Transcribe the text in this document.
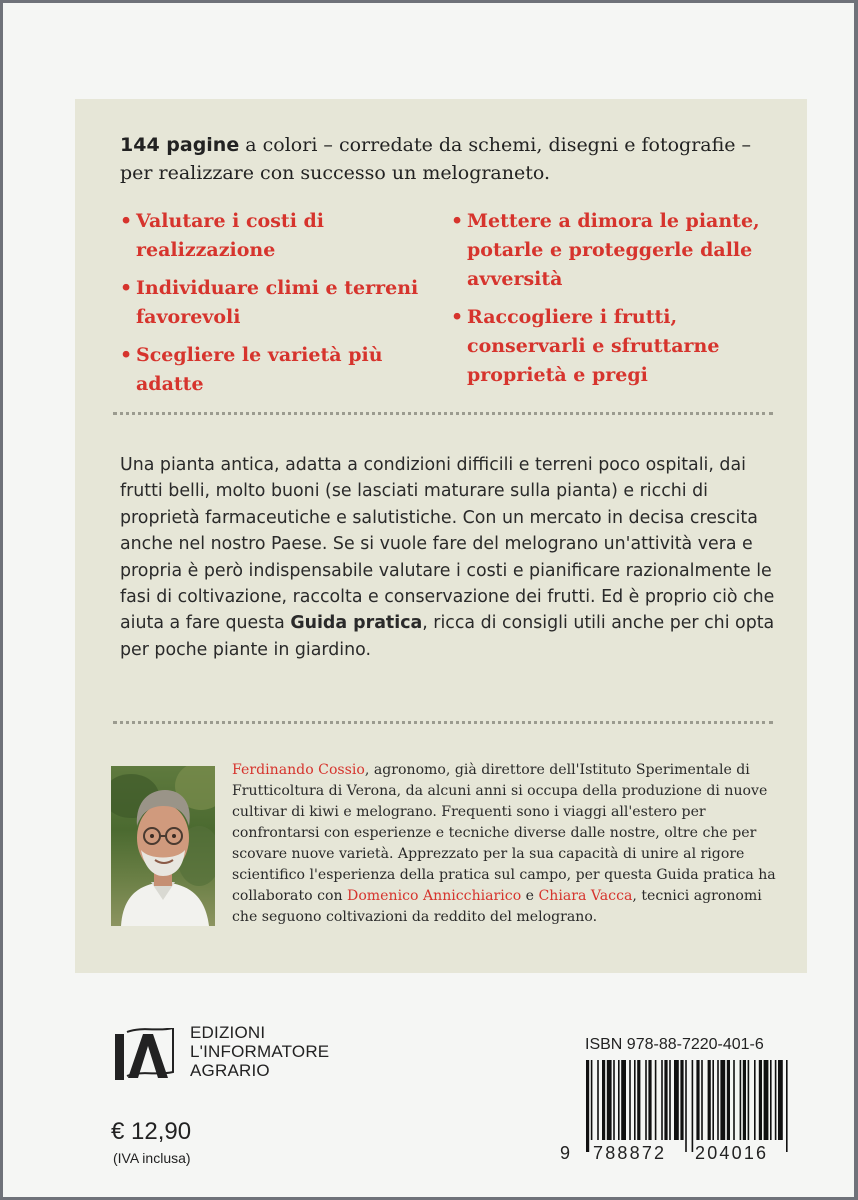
144 pagine a colori – corredate da schemi, disegni e fotografie – per realizzare con successo un melograneto.
• Valutare i costi di realizzazione
• Individuare climi e terreni favorevoli
• Scegliere le varietà più adatte
• Mettere a dimora le piante, potarle e proteggerle dalle avversità
• Raccogliere i frutti, conservarli e sfruttarne proprietà e pregi
Una pianta antica, adatta a condizioni difficili e terreni poco ospitali, dai frutti belli, molto buoni (se lasciati maturare sulla pianta) e ricchi di proprietà farmaceutiche e salutistiche. Con un mercato in decisa crescita anche nel nostro Paese. Se si vuole fare del melograno un'attività vera e propria è però indispensabile valutare i costi e pianificare razionalmente le fasi di coltivazione, raccolta e conservazione dei frutti. Ed è proprio ciò che aiuta a fare questa Guida pratica, ricca di consigli utili anche per chi opta per poche piante in giardino.
Ferdinando Cossio, agronomo, già direttore dell'Istituto Sperimentale di Frutticoltura di Verona, da alcuni anni si occupa della produzione di nuove cultivar di kiwi e melograno. Frequenti sono i viaggi all'estero per confrontarsi con esperienze e tecniche diverse dalle nostre, oltre che per scovare nuove varietà. Apprezzato per la sua capacità di unire al rigore scientifico l'esperienza della pratica sul campo, per questa Guida pratica ha collaborato con Domenico Annicchiarico e Chiara Vacca, tecnici agronomi che seguono coltivazioni da reddito del melograno.
EDIZIONI
L'INFORMATORE
AGRARIO
€ 12,90
(IVA inclusa)
ISBN 978-88-7220-401-6
9 788872 204016
